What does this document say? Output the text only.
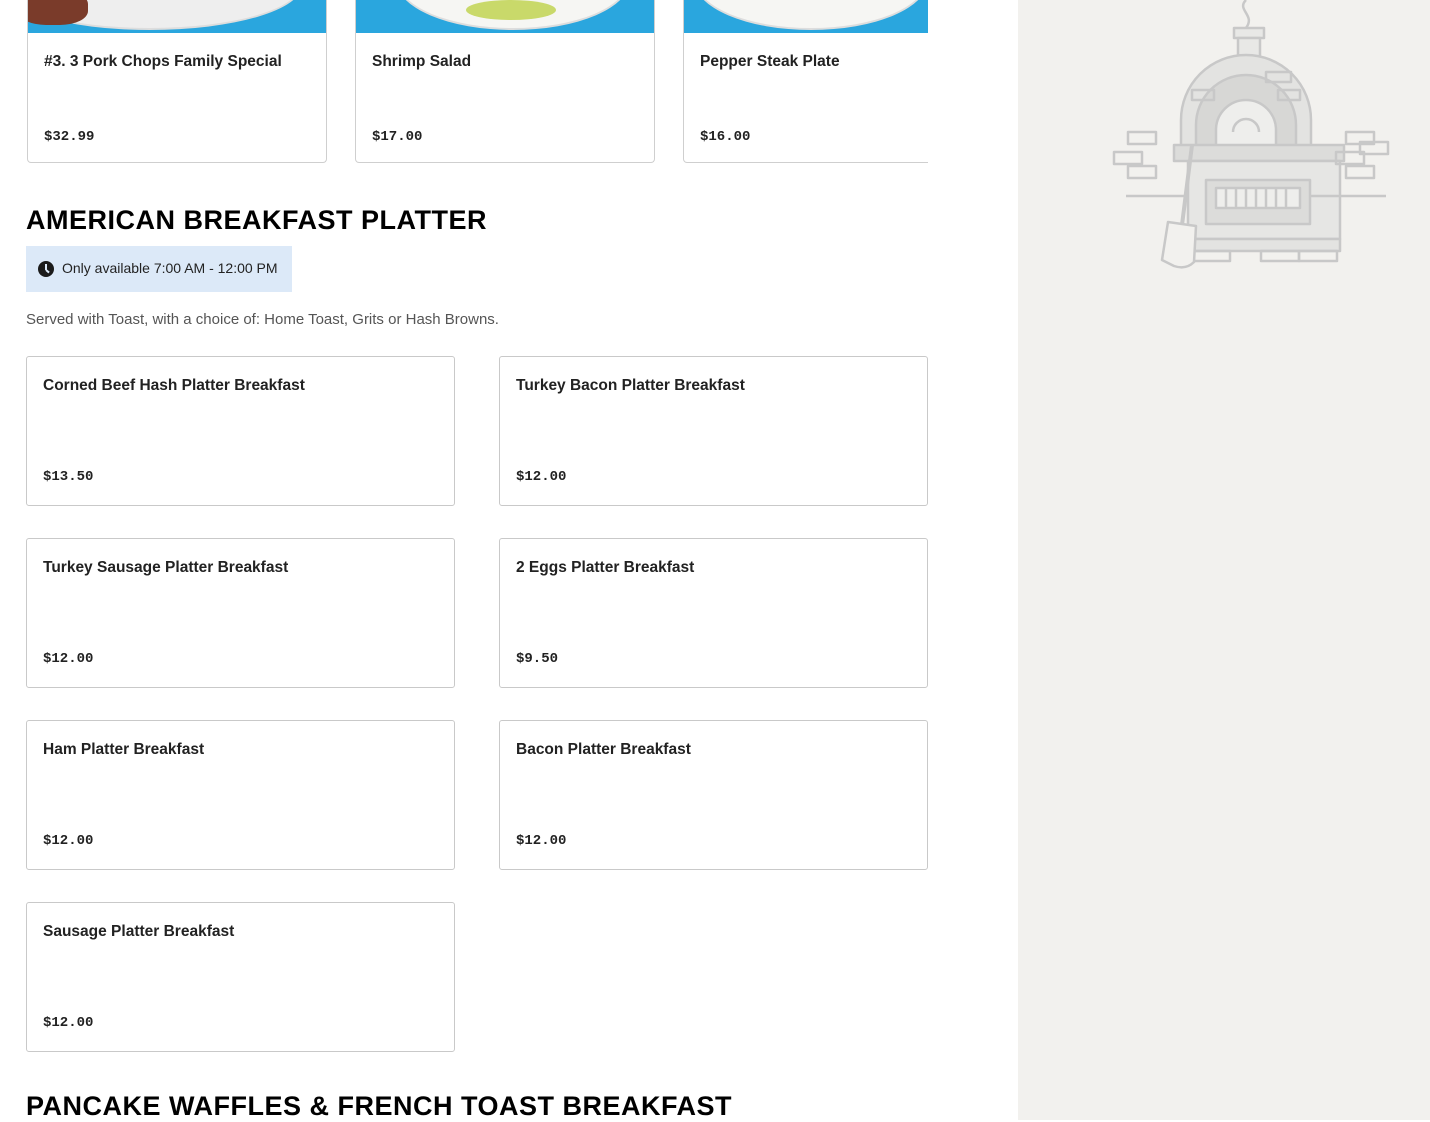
#3. 3 Pork Chops Family Special
$32.99
Shrimp Salad
$17.00
Pepper Steak Plate
$16.00
AMERICAN BREAKFAST PLATTER
Only available 7:00 AM - 12:00 PM
Served with Toast, with a choice of: Home Toast, Grits or Hash Browns.
Corned Beef Hash Platter Breakfast
$13.50
Turkey Bacon Platter Breakfast
$12.00
Turkey Sausage Platter Breakfast
$12.00
2 Eggs Platter Breakfast
$9.50
Ham Platter Breakfast
$12.00
Bacon Platter Breakfast
$12.00
Sausage Platter Breakfast
$12.00
PANCAKE WAFFLES & FRENCH TOAST BREAKFAST
